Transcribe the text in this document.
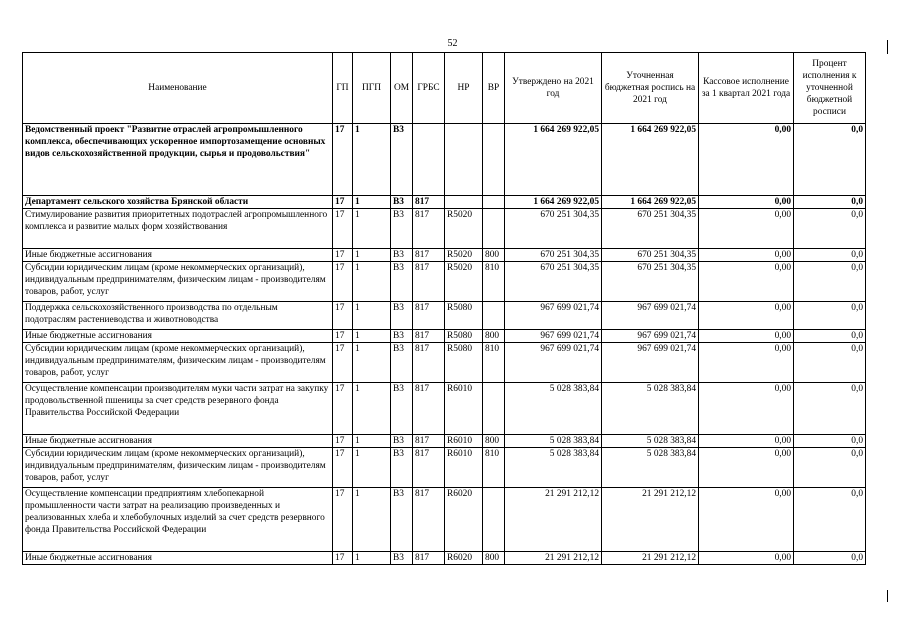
52
Наименование	ГП	ПГП	ОМ	ГРБС	НР	ВР	Утверждено на 2021 год	Уточненная бюджетная роспись на 2021 год	Кассовое исполнение за 1 квартал 2021 года	Процент исполнения к уточненной бюджетной росписи
Ведомственный проект "Развитие отраслей агропромышленного комплекса, обеспечивающих ускоренное импортозамещение основных видов сельскохозяйственной продукции, сырья и продовольствия"	17	1	В3				1 664 269 922,05	1 664 269 922,05	0,00	0,0
Департамент сельского хозяйства Брянской области	17	1	В3	817			1 664 269 922,05	1 664 269 922,05	0,00	0,0
Стимулирование развития приоритетных подотраслей агропромышленного комплекса и развитие малых форм хозяйствования	17	1	В3	817	R5020		670 251 304,35	670 251 304,35	0,00	0,0
Иные бюджетные ассигнования	17	1	В3	817	R5020	800	670 251 304,35	670 251 304,35	0,00	0,0
Субсидии юридическим лицам (кроме некоммерческих организаций), индивидуальным предпринимателям, физическим лицам - производителям товаров, работ, услуг	17	1	В3	817	R5020	810	670 251 304,35	670 251 304,35	0,00	0,0
Поддержка сельскохозяйственного производства по отдельным подотраслям растениеводства и животноводства	17	1	В3	817	R5080		967 699 021,74	967 699 021,74	0,00	0,0
Иные бюджетные ассигнования	17	1	В3	817	R5080	800	967 699 021,74	967 699 021,74	0,00	0,0
Субсидии юридическим лицам (кроме некоммерческих организаций), индивидуальным предпринимателям, физическим лицам - производителям товаров, работ, услуг	17	1	В3	817	R5080	810	967 699 021,74	967 699 021,74	0,00	0,0
Осуществление компенсации производителям муки части затрат на закупку продовольственной пшеницы за счет средств резервного фонда Правительства Российской Федерации	17	1	В3	817	R6010		5 028 383,84	5 028 383,84	0,00	0,0
Иные бюджетные ассигнования	17	1	В3	817	R6010	800	5 028 383,84	5 028 383,84	0,00	0,0
Субсидии юридическим лицам (кроме некоммерческих организаций), индивидуальным предпринимателям, физическим лицам - производителям товаров, работ, услуг	17	1	В3	817	R6010	810	5 028 383,84	5 028 383,84	0,00	0,0
Осуществление компенсации предприятиям хлебопекарной промышленности части затрат на реализацию произведенных и реализованных хлеба и хлебобулочных изделий за счет средств резервного фонда Правительства Российской Федерации	17	1	В3	817	R6020		21 291 212,12	21 291 212,12	0,00	0,0
Иные бюджетные ассигнования	17	1	В3	817	R6020	800	21 291 212,12	21 291 212,12	0,00	0,0
